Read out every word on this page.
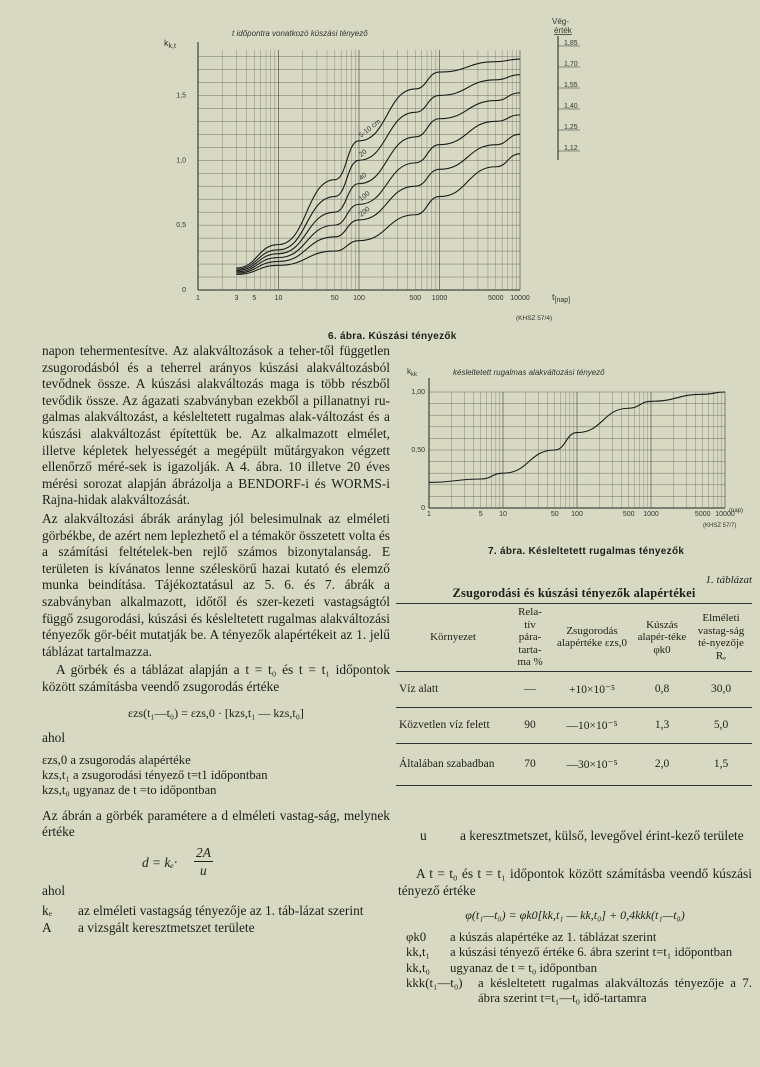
0
0,5
1,0
1,5
1	3 5	10	50 100	500 1000	5000 10000
5-10 cm
20
40
100
200
1,85
1,70
1,55
1,40
1,25
1,12
t időpontra vonatkozó kúszási tényező
$k_{k,t}$
$t_{[nap]}$
Vég-
érték
(KHSZ 57/4)
6. ábra. Kúszási tényezők
0
0,50
1,00
1	5 10	50 100	500 1000	5000 10000
késleltetett rugalmas alakváltozási tényező
$k_{kk}$
(nap)
(KHSZ 57/7)
7. ábra. Késleltetett rugalmas tényezők

napon tehermentesítve. Az alakváltozások a teher-től független zsugorodásból és a teherrel arányos kúszási alakváltozásból tevődnek össze. A kúszási alakváltozás maga is több részből tevődik össze. Az ágazati szabványban ezekből a pillanatnyi ru-galmas alakváltozást, a késleltetett rugalmas alak-változást és a kúszási alakváltozást építettük be. Az alkalmazott elmélet, illetve képletek helyességét a megépült műtárgyakon végzett ellenőrző méré-sek is igazolják. A 4. ábra. 10 illetve 20 éves mérési sorozat alapján ábrázolja a BENDORF-i és WORMS-i Rajna-hidak alakváltozását.

Az alakváltozási ábrák aránylag jól belesimulnak az elméleti görbékbe, de azért nem leplezhető el a témakör összetett volta és a számítási feltételek-ben rejlő számos bizonytalanság. E területen is kívánatos lenne széleskörű hazai kutató és elemző munka beindítása. Tájékoztatásul az 5. 6. és 7. ábrák a szabványban alkalmazott, időtől és szer-kezeti vastagságtól függő zsugorodási, kúszási és késleltetett rugalmas alakváltozási tényezők gör-béit mutatják be. A tényezők alapértékeit az 1. jelű táblázat tartalmazza.

A görbék és a táblázat alapján a t = t₀ és t = t₁ időpontok között számításba veendő zsugorodás értéke

εzs(t₁—t₀) = εzs,0 · [kzs,t₁ — kzs,t₀]
ahol
εzs,0 a zsugorodás alapértéke
kzs,t₁ a zsugorodási tényező t=t1 időpontban
kzs,t₀ ugyanaz de t =to időpontban

Az ábrán a görbék paramétere a d elméleti vastag-ság, melynek értéke

d = kₑ·
2A
u
ahol
kₑ	az elméleti vastagság tényezője az 1. táb-lázat szerint
A	a vizsgált keresztmetszet területe
1. táblázat
Zsugorodási és kúszási tényezők alapértékei
Környezet	Rela-tív pára-tarta-ma %	Zsugorodás alapértéke εzs,0	Kúszás alapér-téke φk0	Elméleti vastag-ság té-nyezője Rₑ
Víz alatt	—	+10×10⁻⁵	0,8	30,0
Közvetlen víz felett	90	—10×10⁻⁵	1,3	5,0
Általában szabadban	70	—30×10⁻⁵	2,0	1,5
u	a keresztmetszet, külső, levegővel érint-kező területe

A t = t₀ és t = t₁ időpontok között számításba veendő kúszási tényező értéke

φ(t₁—t₀) = φk0[kk,t₁ — kk,t₀] + 0,4kkk(t₁—t₀)
φk0	a kúszás alapértéke az 1. táblázat szerint
kk,t₁	a kúszási tényező értéke 6. ábra szerint t=t₁ időpontban
kk,t₀	ugyanaz de t = t₀ időpontban
kkk(t₁—t₀)	a késleltetett rugalmas alakváltozás tényezője a 7. ábra szerint t=t₁—t₀ idő-tartamra
